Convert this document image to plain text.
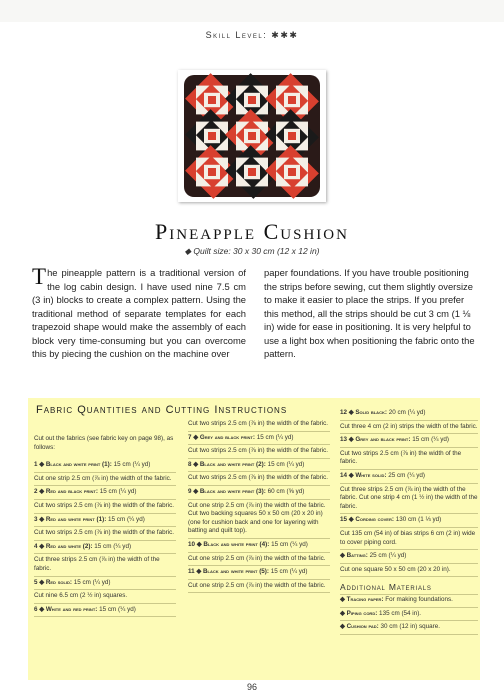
Skill Level: ✱✱✱
Pineapple Cushion
◆ Quilt size: 30 x 30 cm (12 x 12 in)
The pineapple pattern is a traditional version of the log cabin design. I have used nine 7.5 cm (3 in) blocks to create a complex pattern. Using the traditional method of separate templates for each trapezoid shape would make the assembly of each block very time-consuming but you can overcome this by piecing the cushion on the machine over
paper foundations. If you have trouble positioning the strips before sewing, cut them slightly oversize to make it easier to place the strips. If you prefer this method, all the strips should be cut 3 cm (1 ⅛ in) wide for ease in positioning. It is very helpful to use a light box when positioning the fabric onto the pattern.
Fabric Quantities and Cutting Instructions
Cut out the fabrics (see fabric key on page 98), as follows:
1 ◆ Black and white print (1): 15 cm (¼ yd)
Cut one strip 2.5 cm (⅞ in) the width of the fabric.
2 ◆ Red and black print: 15 cm (¼ yd)
Cut two strips 2.5 cm (⅞ in) the width of the fabric.
3 ◆ Red and white print (1): 15 cm (¼ yd)
Cut two strips 2.5 cm (⅞ in) the width of the fabric.
4 ◆ Red and white (2): 15 cm (¼ yd)
Cut three strips 2.5 cm (⅞ in) the width of the fabric.
5 ◆ Red solid: 15 cm (¼ yd)
Cut nine 6.5 cm (2 ½ in) squares.
6 ◆ White and red print: 15 cm (¼ yd)
Cut two strips 2.5 cm (⅞ in) the width of the fabric.
7 ◆ Grey and black print: 15 cm (¼ yd)
Cut two strips 2.5 cm (⅞ in) the width of the fabric.
8 ◆ Black and white print (2): 15 cm (¼ yd)
Cut two strips 2.5 cm (⅞ in) the width of the fabric.
9 ◆ Black and white print (3): 60 cm (⅝ yd)
Cut one strip 2.5 cm (⅞ in) the width of the fabric. Cut two backing squares 50 x 50 cm (20 x 20 in) (one for cushion back and one for layering with batting and quilt top).
10 ◆ Black and white print (4): 15 cm (¼ yd)
Cut one strip 2.5 cm (⅞ in) the width of the fabric.
11 ◆ Black and white print (5): 15 cm (¼ yd)
Cut one strip 2.5 cm (⅞ in) the width of the fabric.
12 ◆ Solid black: 20 cm (¼ yd)
Cut three 4 cm (2 in) strips the width of the fabric.
13 ◆ Grey and black print: 15 cm (¼ yd)
Cut two strips 2.5 cm (⅞ in) the width of the fabric.
14 ◆ White solid: 25 cm (¼ yd)
Cut three strips 2.5 cm (⅞ in) the width of the fabric. Cut one strip 4 cm (1 ½ in) the width of the fabric.
15 ◆ Cording cover: 130 cm (1 ⅓ yd)
Cut 135 cm (54 in) of bias strips 6 cm (2 in) wide to cover piping cord.
◆ Batting: 25 cm (¼ yd)
Cut one square 50 x 50 cm (20 x 20 in).
Additional Materials
◆ Tracing paper: For making foundations.
◆ Piping cord: 135 cm (54 in).
◆ Cushion pad: 30 cm (12 in) square.
96
